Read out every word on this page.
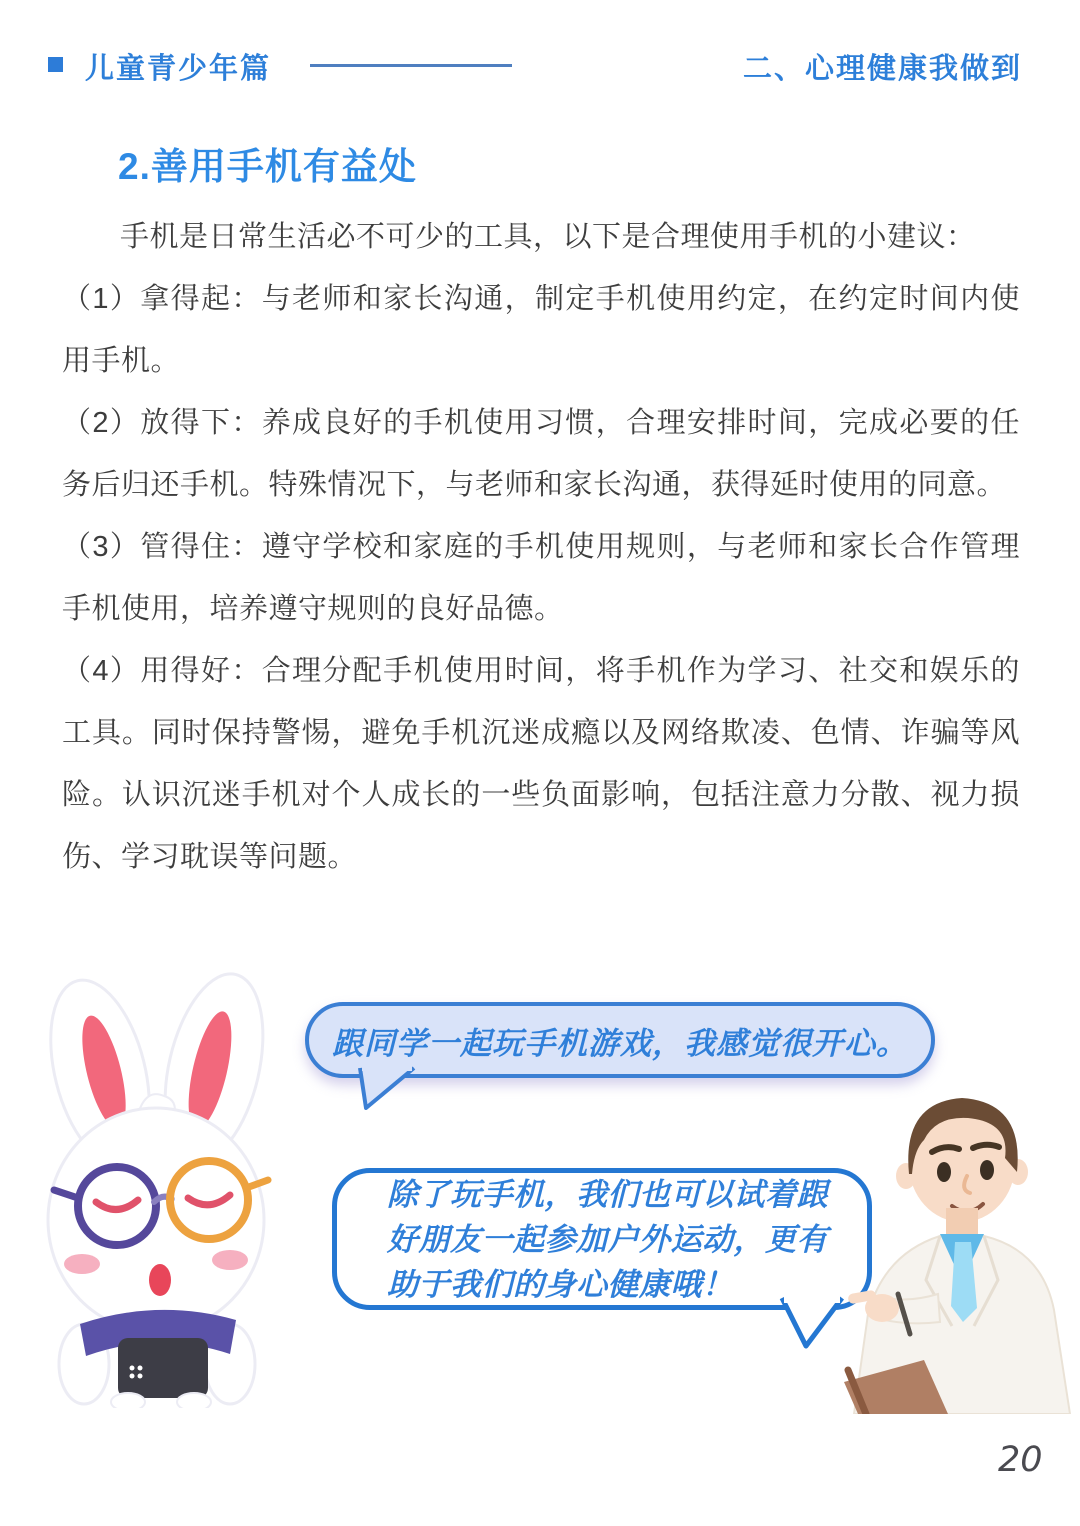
儿童青少年篇	二、心理健康我做到
2.善用手机有益处

手机是日常生活必不可少的工具，以下是合理使用手机的小建议：

（1）拿得起：与老师和家长沟通，制定手机使用约定，在约定时间内使用手机。

（2）放得下：养成良好的手机使用习惯，合理安排时间，完成必要的任务后归还手机。特殊情况下，与老师和家长沟通，获得延时使用的同意。

（3）管得住：遵守学校和家庭的手机使用规则，与老师和家长合作管理手机使用，培养遵守规则的良好品德。

（4）用得好：合理分配手机使用时间，将手机作为学习、社交和娱乐的工具。同时保持警惕，避免手机沉迷成瘾以及网络欺凌、色情、诈骗等风险。认识沉迷手机对个人成长的一些负面影响，包括注意力分散、视力损伤、学习耽误等问题。

跟同学一起玩手机游戏，我感觉很开心。
除了玩手机，我们也可以试着跟好朋友一起参加户外运动，更有助于我们的身心健康哦！
20
